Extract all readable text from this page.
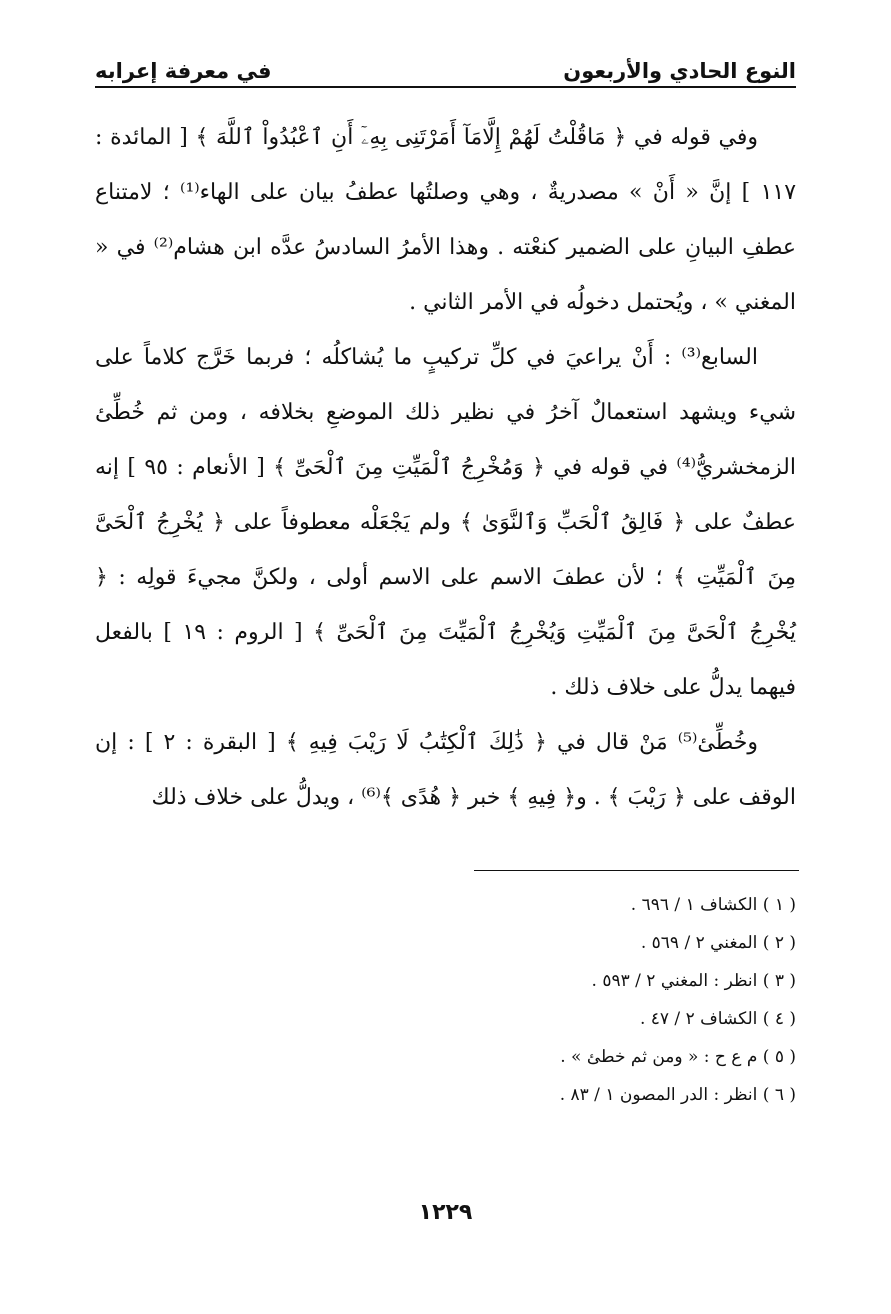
النوع الحادي والأربعون
في معرفة إعرابه

وفي قوله في ﴿ مَاقُلْتُ لَهُمْ إِلَّامَآ أَمَرْتَنِى بِهِۦٓ أَنِ ٱعْبُدُواْ ٱللَّهَ ﴾ [ المائدة : ١١٧ ] إنَّ « أَنْ » مصدريةٌ ، وهي وصلتُها عطفُ بيان على الهاء⁽¹⁾ ؛ لامتناع عطفِ البيانِ على الضمير كنعْته . وهذا الأمرُ السادسُ عدَّه ابن هشام⁽²⁾ في « المغني » ، ويُحتمل دخولُه في الأمر الثاني .

السابع⁽³⁾ : أَنْ يراعيَ في كلِّ تركيبٍ ما يُشاكلُه ؛ فربما خَرَّج كلاماً على شيء ويشهد استعمالٌ آخرُ في نظير ذلك الموضعِ بخلافه ، ومن ثم خُطِّئ الزمخشريُّ⁽⁴⁾ في قوله في ﴿ وَمُخْرِجُ ٱلْمَيِّتِ مِنَ ٱلْحَىِّ ﴾ [ الأنعام : ٩٥ ] إنه عطفٌ على ﴿ فَالِقُ ٱلْحَبِّ وَٱلنَّوَىٰ ﴾ ولم يَجْعَلْه معطوفاً على ﴿ يُخْرِجُ ٱلْحَىَّ مِنَ ٱلْمَيِّتِ ﴾ ؛ لأن عطفَ الاسم على الاسم أولى ، ولكنَّ مجيءَ قولِه : ﴿ يُخْرِجُ ٱلْحَىَّ مِنَ ٱلْمَيِّتِ وَيُخْرِجُ ٱلْمَيِّتَ مِنَ ٱلْحَىِّ ﴾ [ الروم : ١٩ ] بالفعل فيهما يدلُّ على خلاف ذلك .

وخُطِّئ⁽⁵⁾ مَنْ قال في ﴿ ذَٰلِكَ ٱلْكِتَٰبُ لَا رَيْبَ فِيهِ ﴾ [ البقرة : ٢ ] : إن الوقف على ﴿ رَيْبَ ﴾ . و﴿ فِيهِ ﴾ خبر ﴿ هُدًى ﴾⁽⁶⁾ ، ويدلُّ على خلاف ذلك

( ١ ) الكشاف ١ / ٦٩٦ .
( ٢ ) المغني ٢ / ٥٦٩ .
( ٣ ) انظر : المغني ٢ / ٥٩٣ .
( ٤ ) الكشاف ٢ / ٤٧ .
( ٥ ) م ع ح : « ومن ثم خطئ » .
( ٦ ) انظر : الدر المصون ١ / ٨٣ .
١٢٢٩
